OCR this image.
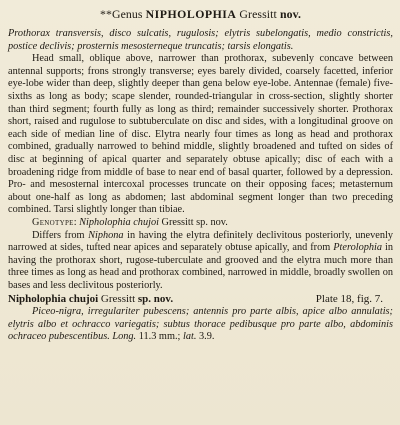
**Genus NIPHOLOPHIA Gressitt nov.

Prothorax transversis, disco sulcatis, rugulosis; elytris subelongatis, medio constrictis, postice declivis; prosternis mesosterneque truncatis; tarsis elongatis.

Head small, oblique above, narrower than prothorax, subevenly concave between antennal supports; frons strongly transverse; eyes barely divided, coarsely facetted, inferior eye-lobe wider than deep, slightly deeper than gena below eye-lobe. Antennae (female) five-sixths as long as body; scape slender, rounded-triangular in cross-section, slightly shorter than third segment; fourth fully as long as third; remainder successively shorter. Prothorax short, raised and rugulose to subtuberculate on disc and sides, with a longitudinal groove on each side of median line of disc. Elytra nearly four times as long as head and prothorax combined, gradually narrowed to behind middle, slightly broadened and tufted on sides of disc at beginning of apical quarter and separately obtuse apically; disc of each with a broadening ridge from middle of base to near end of basal quarter, followed by a depression. Pro- and mesosternal intercoxal processes truncate on their opposing faces; metasternum about one-half as long as abdomen; last abdominal segment longer than two preceding combined. Tarsi slightly longer than tibiae.

Genotype: Nipholophia chujoi Gressitt sp. nov.

Differs from Niphona in having the elytra definitely declivitous posteriorly, unevenly narrowed at sides, tufted near apices and separately obtuse apically, and from Pterolophia in having the prothorax short, rugose-tuberculate and grooved and the elytra much more than three times as long as head and prothorax combined, narrowed in middle, broadly swollen on bases and less declivitous posteriorly.

Nipholophia chujoi Gressitt sp. nov.	Plate 18, fig. 7.

Piceo-nigra, irregulariter pubescens; antennis pro parte albis, apice albo annulatis; elytris albo et ochracco variegatis; subtus thorace pedibusque pro parte albo, abdominis ochraceo pubescentibus. Long. 11.3 mm.; lat. 3.9.
